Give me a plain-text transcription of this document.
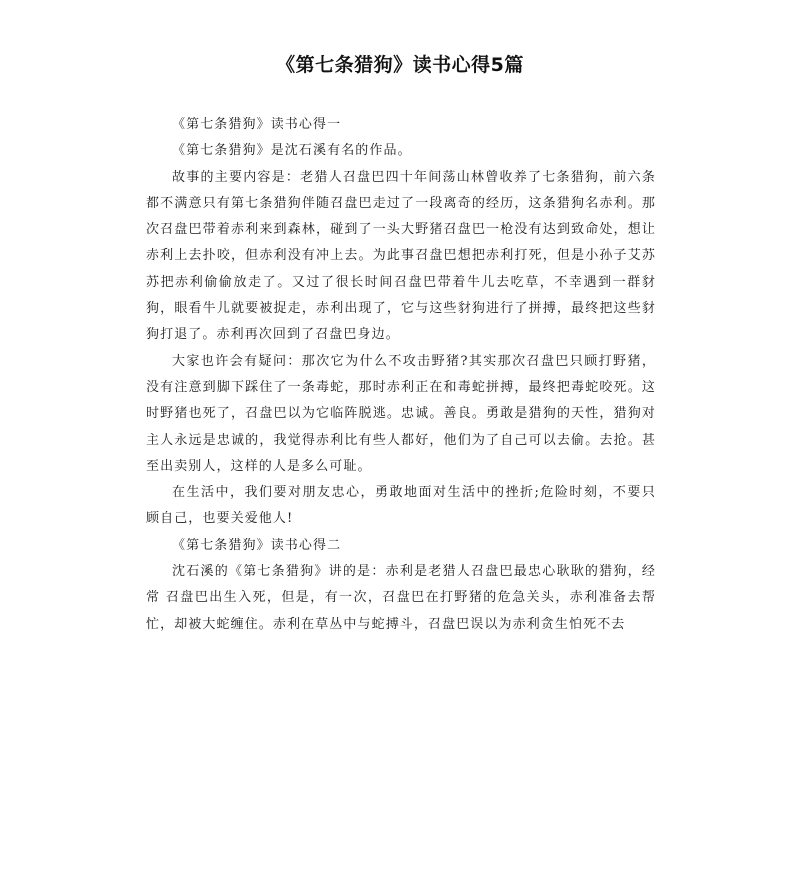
《第七条猎狗》读书心得5篇

《第七条猎狗》读书心得一

《第七条猎狗》是沈石溪有名的作品。

故事的主要内容是：老猎人召盘巴四十年间荡山林曾收养了七条猎狗，前六条都不满意只有第七条猎狗伴随召盘巴走过了一段离奇的经历，这条猎狗名赤利。那次召盘巴带着赤利来到森林，碰到了一头大野猪召盘巴一枪没有达到致命处，想让赤利上去扑咬，但赤利没有冲上去。为此事召盘巴想把赤利打死，但是小孙子艾苏苏把赤利偷偷放走了。又过了很长时间召盘巴带着牛儿去吃草，不幸遇到一群豺狗，眼看牛儿就要被捉走，赤利出现了，它与这些豺狗进行了拼搏，最终把这些豺狗打退了。赤利再次回到了召盘巴身边。

大家也许会有疑问：那次它为什么不攻击野猪?其实那次召盘巴只顾打野猪，没有注意到脚下踩住了一条毒蛇，那时赤利正在和毒蛇拼搏，最终把毒蛇咬死。这时野猪也死了，召盘巴以为它临阵脱逃。忠诚。善良。勇敢是猎狗的天性，猎狗对主人永远是忠诚的，我觉得赤利比有些人都好，他们为了自己可以去偷。去抢。甚至出卖别人，这样的人是多么可耻。

在生活中，我们要对朋友忠心，勇敢地面对生活中的挫折;危险时刻，不要只顾自己，也要关爱他人!

《第七条猎狗》读书心得二

沈石溪的《第七条猎狗》讲的是：赤利是老猎人召盘巴最忠心耿耿的猎狗，经常 召盘巴出生入死，但是，有一次，召盘巴在打野猪的危急关头，赤利准备去帮忙，却被大蛇缠住。赤利在草丛中与蛇搏斗，召盘巴误以为赤利贪生怕死不去
